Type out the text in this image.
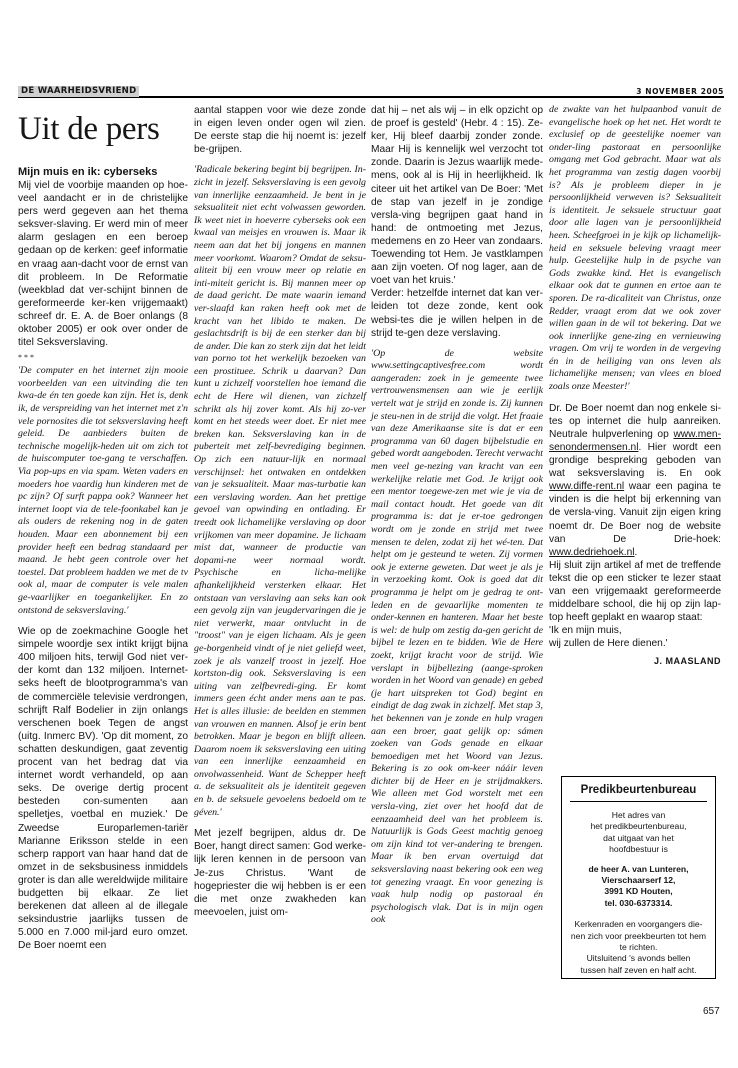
DE WAARHEIDSVRIEND	3 NOVEMBER 2005
Uit de pers
Mijn muis en ik: cyberseks

Mij viel de voorbije maanden op hoe-veel aandacht er in de christelijke pers werd gegeven aan het thema seksver-slaving. Er werd min of meer alarm geslagen en een beroep gedaan op de kerken: geef informatie en vraag aan-dacht voor de ernst van dit probleem. In De Reformatie (weekblad dat ver-schijnt binnen de gereformeerde ker-ken vrijgemaakt) schreef dr. E. A. de Boer onlangs (8 oktober 2005) er ook over onder de titel Seksverslaving.

* * *

'De computer en het internet zijn mooie voorbeelden van een uitvinding die ten kwa-de én ten goede kan zijn. Het is, denk ik, de verspreiding van het internet met z'n vele pornosites die tot seksverslaving heeft geleid. De aanbieders buiten de technische mogelijk-heden uit om zich tot de huiscomputer toe-gang te verschaffen. Via pop-ups en via spam. Weten vaders en moeders hoe vaardig hun kinderen met de pc zijn? Of surft pappa ook? Wanneer het internet loopt via de tele-foonkabel kan je als ouders de rekening nog in de gaten houden. Maar een abonnement bij een provider heeft een bedrag standaard per maand. Je hebt geen controle over het toestel. Dat probleem hadden we met de tv ook al, maar de computer is vele malen ge-vaarlijker en toegankelijker. En zo ontstond de seksverslaving.'

Wie op de zoekmachine Google het simpele woordje sex intikt krijgt bijna 400 miljoen hits, terwijl God niet ver-der komt dan 132 miljoen. Internet-seks heeft de blootprogramma's van de commerciële televisie verdrongen, schrijft Ralf Bodelier in zijn onlangs verschenen boek Tegen de angst (uitg. Inmerc BV). 'Op dit moment, zo schatten deskundigen, gaat zeventig procent van het bedrag dat via internet wordt verhandeld, op aan seks. De overige dertig procent besteden con-sumenten aan spelletjes, voetbal en muziek.' De Zweedse Europarlemen-tariër Marianne Eriksson stelde in een scherp rapport van haar hand dat de omzet in de seksbusiness inmiddels groter is dan alle wereldwijde militaire budgetten bij elkaar. Ze liet berekenen dat alleen al de illegale seksindustrie jaarlijks tussen de 5.000 en 7.000 mil-jard euro omzet. De Boer noemt een

aantal stappen voor wie deze zonde in eigen leven onder ogen wil zien. De eerste stap die hij noemt is: jezelf be-grijpen.

'Radicale bekering begint bij begrijpen. In-zicht in jezelf. Seksverslaving is een gevolg van innerlijke eenzaamheid. Je bent in je seksualiteit niet echt volwassen geworden. Ik weet niet in hoeverre cyberseks ook een kwaal van meisjes en vrouwen is. Maar ik neem aan dat het bij jongens en mannen meer voorkomt. Waarom? Omdat de seksu-aliteit bij een vrouw meer op relatie en inti-miteit gericht is. Bij mannen meer op de daad gericht. De mate waarin iemand ver-slaafd kan raken heeft ook met de kracht van het libido te maken. De geslachtsdrift is bij de een sterker dan bij de ander. Die kan zo sterk zijn dat het leidt van porno tot het werkelijk bezoeken van een prostituee. Schrik u daarvan? Dan kunt u zichzelf voorstellen hoe iemand die echt de Here wil dienen, van zichzelf schrikt als hij zover komt. Als hij zo-ver komt en het steeds weer doet. Er niet mee breken kan. Seksverslaving kan in de puberteit met zelf-bevrediging beginnen. Op zich een natuur-lijk en normaal verschijnsel: het ontwaken en ontdekken van je seksualiteit. Maar mas-turbatie kan een verslaving worden. Aan het prettige gevoel van opwinding en ontlading. Er treedt ook lichamelijke verslaving op door vrijkomen van meer dopamine. Je lichaam mist dat, wanneer de productie van dopami-ne weer normaal wordt. Psychische en licha-melijke afhankelijkheid versterken elkaar. Het ontstaan van verslaving aan seks kan ook een gevolg zijn van jeugdervaringen die je niet verwerkt, maar ontvlucht in de "troost" van je eigen lichaam. Als je geen ge-borgenheid vindt of je niet geliefd weet, zoek je als vanzelf troost in jezelf. Hoe kortston-dig ook. Seksverslaving is een uiting van zelfbevredi-ging. Er komt immers geen écht ander mens aan te pas. Het is alles illusie: de beelden en stemmen van vrouwen en mannen. Alsof je erin bent betrokken. Maar je begon en blijft alleen. Daarom noem ik seksverslaving een uiting van een innerlijke eenzaamheid en onvolwassenheid. Want de Schepper heeft a. de seksualiteit als je identiteit gegeven en b. de seksuele gevoelens bedoeld om te géven.'

Met jezelf begrijpen, aldus dr. De Boer, hangt direct samen: God werke-lijk leren kennen in de persoon van Je-zus Christus. 'Want de hogepriester die wij hebben is er een die met onze zwakheden kan meevoelen, juist om-

dat hij – net als wij – in elk opzicht op de proef is gesteld' (Hebr. 4 : 15). Ze-ker, Hij bleef daarbij zonder zonde. Maar Hij is kennelijk wel verzocht tot zonde. Daarin is Jezus waarlijk mede-mens, ook al is Hij in heerlijkheid. Ik citeer uit het artikel van De Boer: 'Met de stap van jezelf in je zondige versla-ving begrijpen gaat hand in hand: de ontmoeting met Jezus, medemens en zo Heer van zondaars. Toewending tot Hem. Je vastklampen aan zijn voeten. Of nog lager, aan de voet van het kruis.'

Verder: hetzelfde internet dat kan ver-leiden tot deze zonde, kent ook websi-tes die je willen helpen in de strijd te-gen deze verslaving.

'Op de website www.settingcaptivesfree.com wordt aangeraden: zoek in je gemeente twee vertrouwensmensen aan wie je eerlijk vertelt wat je strijd en zonde is. Zij kunnen je steu-nen in de strijd die volgt. Het fraaie van deze Amerikaanse site is dat er een programma van 60 dagen bijbelstudie en gebed wordt aangeboden. Terecht verwacht men veel ge-nezing van kracht van een werkelijke relatie met God. Je krijgt ook een mentor toegewe-zen met wie je via de mail contact houdt. Het goede van dit programma is: dat je er-toe gedrongen wordt om je zonde en strijd met twee mensen te delen, zodat zij het wé-ten. Dat helpt om je gesteund te weten. Zij vormen ook je externe geweten. Dat weet je als je in verzoeking komt. Ook is goed dat dit programma je helpt om je gedrag te ont-leden en de gevaarlijke momenten te onder-kennen en hanteren. Maar het beste is wel: de hulp om zestig da-gen gericht de bijbel te lezen en te bidden. Wie de Here zoekt, krijgt kracht voor de strijd. Wie verslapt in bijbellezing (aange-sproken worden in het Woord van genade) en gebed (je hart uitspreken tot God) begint en eindigt de dag zwak in zichzelf. Met stap 3, het bekennen van je zonde en hulp vragen aan een broer, gaat gelijk op: sámen zoeken van Gods genade en elkaar bemoedigen met het Woord van Jezus. Bekering is zo ook om-keer nááir leven dichter bij de Heer en je strijdmakkers. Wie alleen met God worstelt met een versla-ving, ziet over het hoofd dat de eenzaamheid deel van het probleem is. Natuurlijk is Gods Geest machtig genoeg om zijn kind tot ver-andering te brengen. Maar ik ben ervan overtuigd dat seksverslaving naast bekering ook een weg tot genezing vraagt. En voor genezing is vaak hulp nodig op pastoraal én psychologisch vlak. Dat is in mijn ogen ook

de zwakte van het hulpaanbod vanuit de evangelische hoek op het net. Het wordt te exclusief op de geestelijke noemer van onder-ling pastoraat en persoonlijke omgang met God gebracht. Maar wat als het programma van zestig dagen voorbij is? Als je probleem dieper in je persoonlijkheid verweven is? Seksualiteit is identiteit. Je seksuele structuur gaat door alle lagen van je persoonlijkheid heen. Scheefgroei in je kijk op lichamelijk-heid en seksuele beleving vraagt meer hulp. Geestelijke hulp in de psyche van Gods zwakke kind. Het is evangelisch elkaar ook dat te gunnen en ertoe aan te sporen. De ra-dicaliteit van Christus, onze Redder, vraagt erom dat we ook zover willen gaan in de wil tot bekering. Dat we ook innerlijke gene-zing en vernieuwing vragen. Om vrij te worden in de vergeving én in de heiliging van ons leven als lichamelijke mensen; van vlees en bloed zoals onze Meester!'

Dr. De Boer noemt dan nog enkele si-tes op internet die hulp aanreiken. Neutrale hulpverlening op www.men-senondermensen.nl. Hier wordt een grondige bespreking geboden van wat seksverslaving is. En ook www.diffe-rent.nl waar een pagina te vinden is die helpt bij erkenning van de versla-ving. Vanuit zijn eigen kring noemt dr. De Boer nog de website van De Drie-hoek: www.dedriehoek.nl.

Hij sluit zijn artikel af met de treffende tekst die op een sticker te lezer staat van een vrijgemaakt gereformeerde middelbare school, die hij op zijn lap-top heeft geplakt en waarop staat:

'Ik en mijn muis,

wij zullen de Here dienen.'

J. MAASLAND
Predikbeurtenbureau
Het adres van
het predikbeurtenbureau,
dat uitgaat van het
hoofdbestuur is
de heer A. van Lunteren,
Vierschaarserf 12,
3991 KD Houten,
tel. 030-6373314.
Kerkenraden en voorgangers die-
nen zich voor preekbeurten tot hem
te richten.
Uitsluitend 's avonds bellen
tussen half zeven en half acht.
657
